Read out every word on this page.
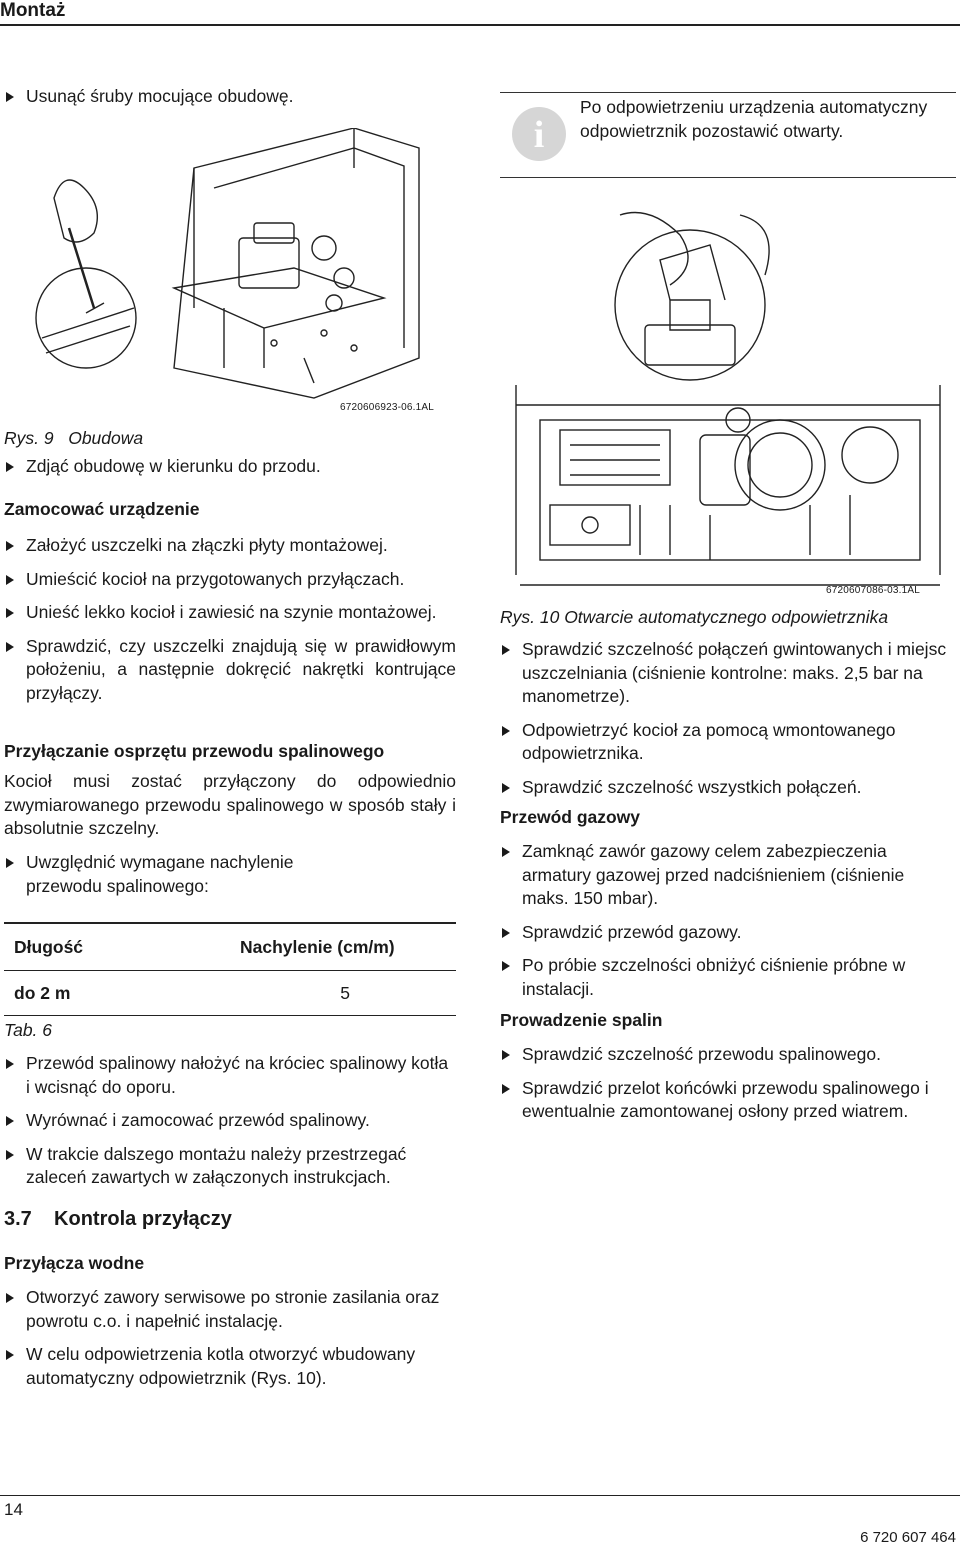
Montaż
Usunąć śruby mocujące obudowę.
6720606923-06.1AL
Rys. 9 Obudowa
Zdjąć obudowę w kierunku do przodu.
Zamocować urządzenie
Założyć uszczelki na złączki płyty montażowej.
Umieścić kocioł na przygotowanych przyłączach.
Unieść lekko kocioł i zawiesić na szynie montażowej.
Sprawdzić, czy uszczelki znajdują się w prawidłowym położeniu, a następnie dokręcić nakrętki kontrujące przyłączy.
Przyłączanie osprzętu przewodu spalinowego
Kocioł musi zostać przyłączony do odpowiednio zwymiarowanego przewodu spalinowego w sposób stały i absolutnie szczelny.
Uwzględnić wymagane nachylenie przewodu spalinowego:
Długość	Nachylenie (cm/m)
do 2 m	5
Tab. 6
Przewód spalinowy nałożyć na króciec spalinowy kotła i wcisnąć do oporu.
Wyrównać i zamocować przewód spalinowy.
W trakcie dalszego montażu należy przestrzegać zaleceń zawartych w załączonych instrukcjach.
3.7 Kontrola przyłączy
Przyłącza wodne
Otworzyć zawory serwisowe po stronie zasilania oraz powrotu c.o. i napełnić instalację.
W celu odpowietrzenia kotla otworzyć wbudowany automatyczny odpowietrznik (Rys. 10).
i
Po odpowietrzeniu urządzenia automatyczny odpowietrznik pozostawić otwarty.
6720607086-03.1AL
Rys. 10 Otwarcie automatycznego odpowietrznika
Sprawdzić szczelność połączeń gwintowanych i miejsc uszczelniania (ciśnienie kontrolne: maks. 2,5 bar na manometrze).
Odpowietrzyć kocioł za pomocą wmontowanego odpowietrznika.
Sprawdzić szczelność wszystkich połączeń.
Przewód gazowy
Zamknąć zawór gazowy celem zabezpieczenia armatury gazowej przed nadciśnieniem (ciśnienie maks. 150 mbar).
Sprawdzić przewód gazowy.
Po próbie szczelności obniżyć ciśnienie próbne w instalacji.
Prowadzenie spalin
Sprawdzić szczelność przewodu spalinowego.
Sprawdzić przelot końcówki przewodu spalinowego i ewentualnie zamontowanej osłony przed wiatrem.
14
6 720 607 464
